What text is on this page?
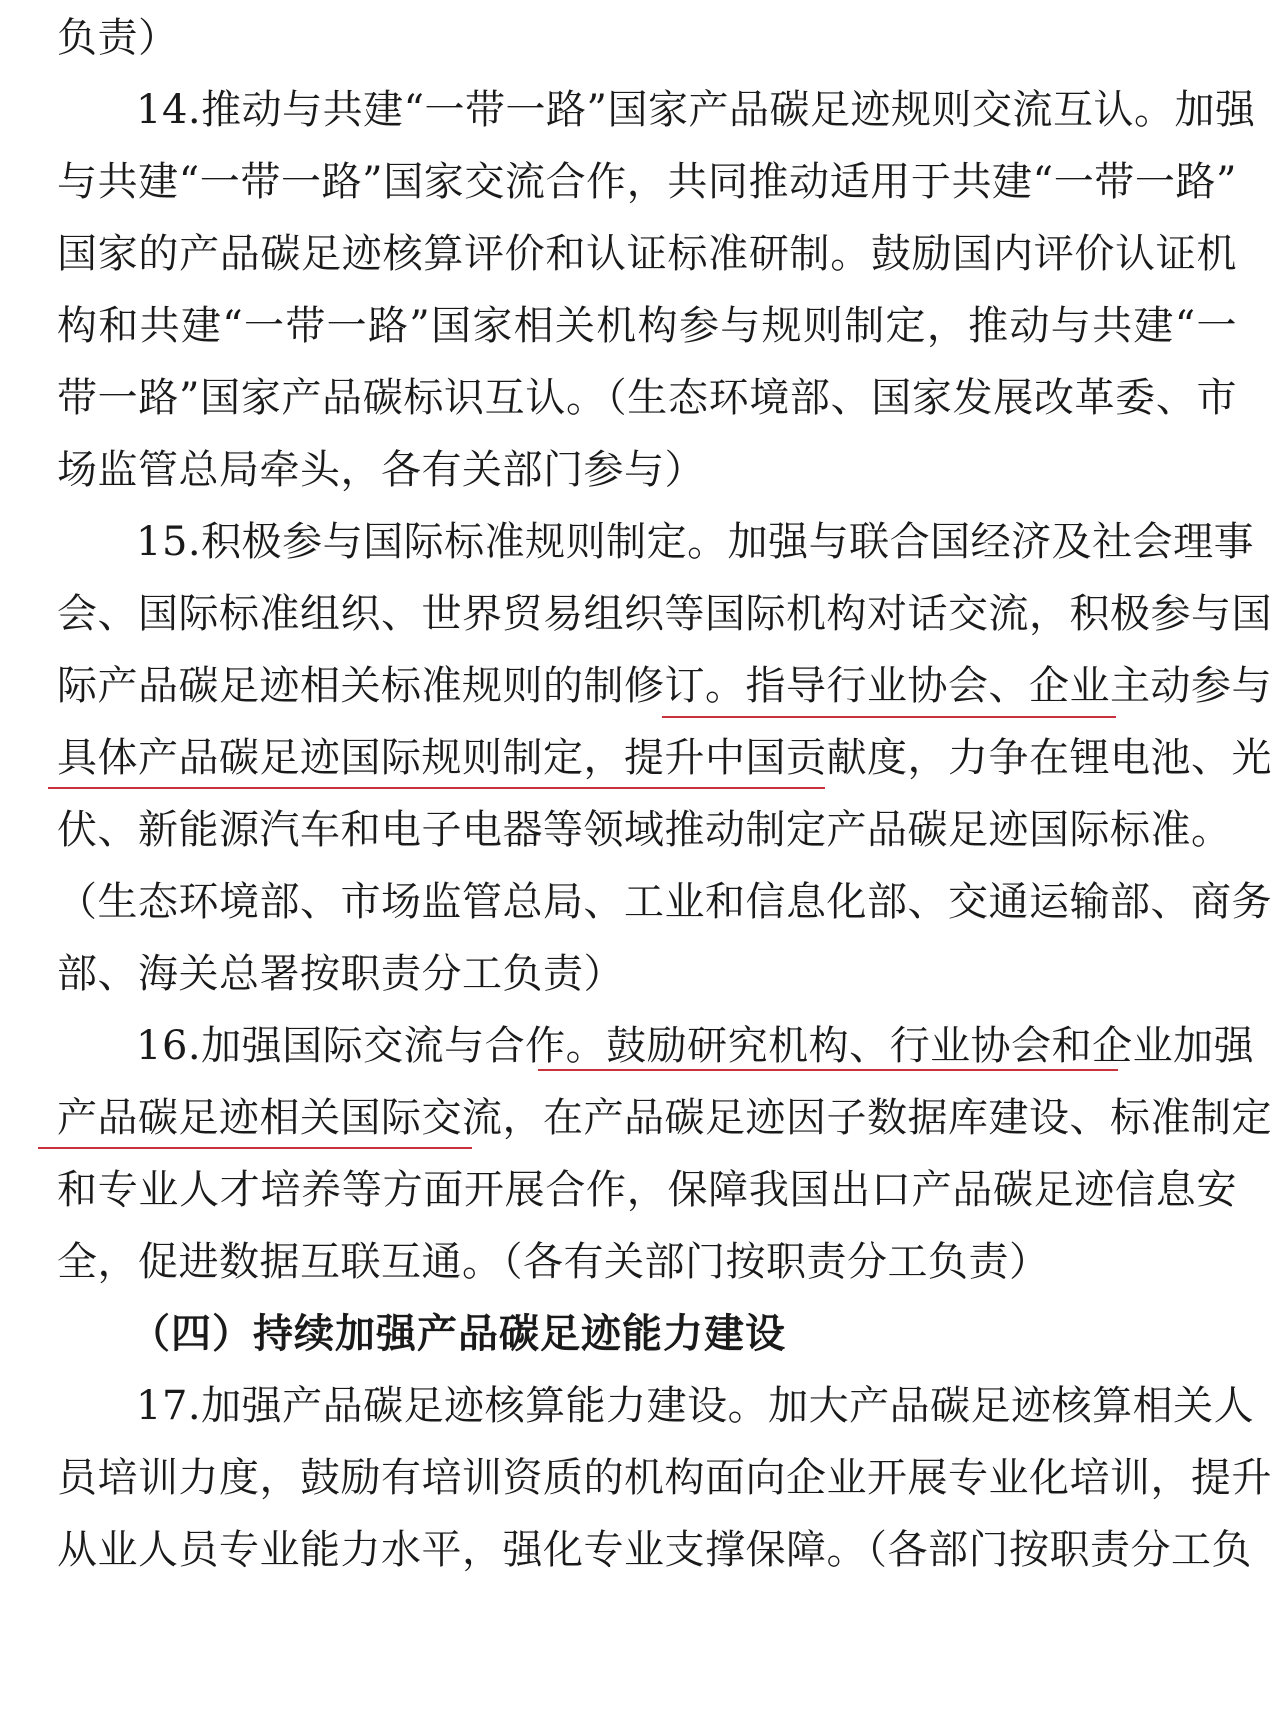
负责）
14.推动与共建“一带一路”国家产品碳足迹规则交流互认。加强
与共建“一带一路”国家交流合作，共同推动适用于共建“一带一路”
国家的产品碳足迹核算评价和认证标准研制。鼓励国内评价认证机
构和共建“一带一路”国家相关机构参与规则制定，推动与共建“一
带一路”国家产品碳标识互认。（生态环境部、国家发展改革委、市
场监管总局牵头，各有关部门参与）
15.积极参与国际标准规则制定。加强与联合国经济及社会理事
会、国际标准组织、世界贸易组织等国际机构对话交流，积极参与国
际产品碳足迹相关标准规则的制修订。指导行业协会、企业主动参与
具体产品碳足迹国际规则制定，提升中国贡献度，力争在锂电池、光
伏、新能源汽车和电子电器等领域推动制定产品碳足迹国际标准。
（生态环境部、市场监管总局、工业和信息化部、交通运输部、商务
部、海关总署按职责分工负责）
16.加强国际交流与合作。鼓励研究机构、行业协会和企业加强
产品碳足迹相关国际交流，在产品碳足迹因子数据库建设、标准制定
和专业人才培养等方面开展合作，保障我国出口产品碳足迹信息安
全，促进数据互联互通。（各有关部门按职责分工负责）
（四）持续加强产品碳足迹能力建设
17.加强产品碳足迹核算能力建设。加大产品碳足迹核算相关人
员培训力度，鼓励有培训资质的机构面向企业开展专业化培训，提升
从业人员专业能力水平，强化专业支撑保障。（各部门按职责分工负
